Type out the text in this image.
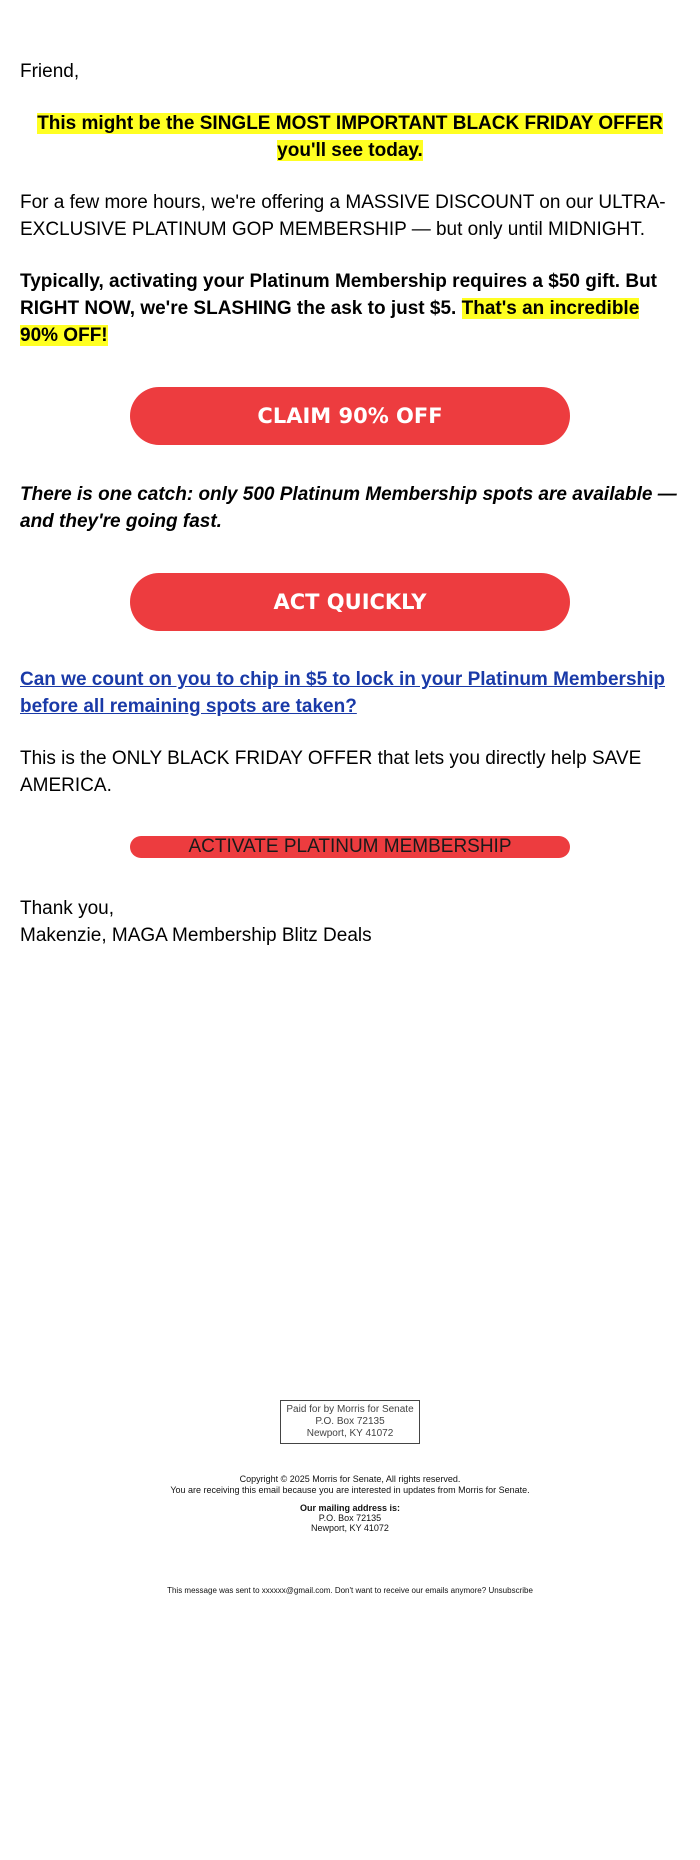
Friend,

This might be the SINGLE MOST IMPORTANT BLACK FRIDAY OFFER you'll see today.

For a few more hours, we're offering a MASSIVE DISCOUNT on our ULTRA-EXCLUSIVE PLATINUM GOP MEMBERSHIP — but only until MIDNIGHT.

Typically, activating your Platinum Membership requires a $50 gift. But RIGHT NOW, we're SLASHING the ask to just $5. That's an incredible 90% OFF!

CLAIM 90% OFF

There is one catch: only 500 Platinum Membership spots are available — and they're going fast.

ACT QUICKLY

Can we count on you to chip in $5 to lock in your Platinum Membership before all remaining spots are taken?

This is the ONLY BLACK FRIDAY OFFER that lets you directly help SAVE AMERICA.

ACTIVATE PLATINUM MEMBERSHIP

Thank you,

Makenzie, MAGA Membership Blitz Deals

Paid for by Morris for Senate
P.O. Box 72135
Newport, KY 41072
Copyright © 2025 Morris for Senate, All rights reserved.
You are receiving this email because you are interested in updates from Morris for Senate.
Our mailing address is:
P.O. Box 72135
Newport, KY 41072
This message was sent to xxxxxx@gmail.com. Don't want to receive our emails anymore? Unsubscribe
